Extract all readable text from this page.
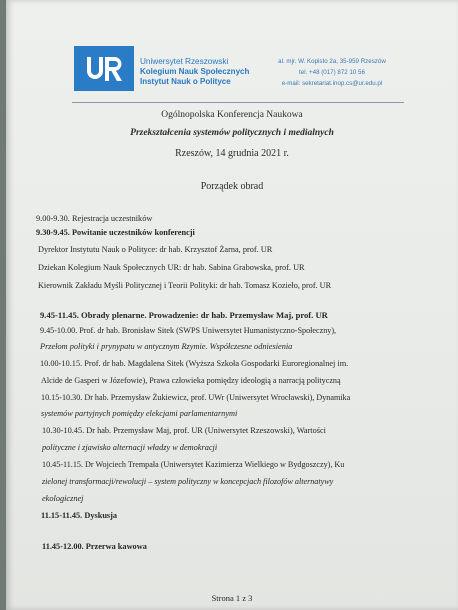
Uniwersytet Rzeszowski
Kolegium Nauk Społecznych
Instytut Nauk o Polityce
al. mjr. W. Kopisto 2a, 35-959 Rzeszów
tel. +48 (017) 872 10 56
e-mail: sekretariat.inop.cs@ur.edu.pl
Ogólnopolska Konferencja Naukowa
Przekształcenia systemów politycznych i medialnych
Rzeszów, 14 grudnia 2021 r.
Porządek obrad
9.00-9.30. Rejestracja uczestników
9.30-9.45. Powitanie uczestników konferencji
Dyrektor Instytutu Nauk o Polityce: dr hab. Krzysztof Żarna, prof. UR
Dziekan Kolegium Nauk Społecznych UR: dr hab. Sabina Grabowska, prof. UR
Kierownik Zakładu Myśli Politycznej i Teorii Polityki: dr hab. Tomasz Kozieło, prof. UR
9.45-11.45. Obrady plenarne. Prowadzenie: dr hab. Przemysław Maj, prof. UR
9.45-10.00. Prof. dr hab. Bronisław Sitek (SWPS Uniwersytet Humanistyczno-Społeczny),
Przełom polityki i prynypatu w antycznym Rzymie. Współczesne odniesienia
10.00-10.15. Prof. dr hab. Magdalena Sitek (Wyższa Szkoła Gospodarki Euroregionalnej im.
Alcide de Gasperi w Józefowie), Prawa człowieka pomiędzy ideologią a narracją polityczną
10.15-10.30. Dr hab. Przemysław Żukiewicz, prof. UWr (Uniwersytet Wrocławski), Dynamika
systemów partyjnych pomiędzy elekcjami parlamentarnymi
10.30-10.45. Dr hab. Przemysław Maj, prof. UR (Uniwersytet Rzeszowski), Wartości
polityczne i zjawisko alternacji władzy w demokracji
10.45-11.15. Dr Wojciech Trempała (Uniwersytet Kazimierza Wielkiego w Bydgoszczy), Ku
zielonej transformacji/rewolucji – system polityczny w koncepcjach filozofów alternatywy
ekologicznej
11.15-11.45. Dyskusja
11.45-12.00. Przerwa kawowa
Strona 1 z 3
